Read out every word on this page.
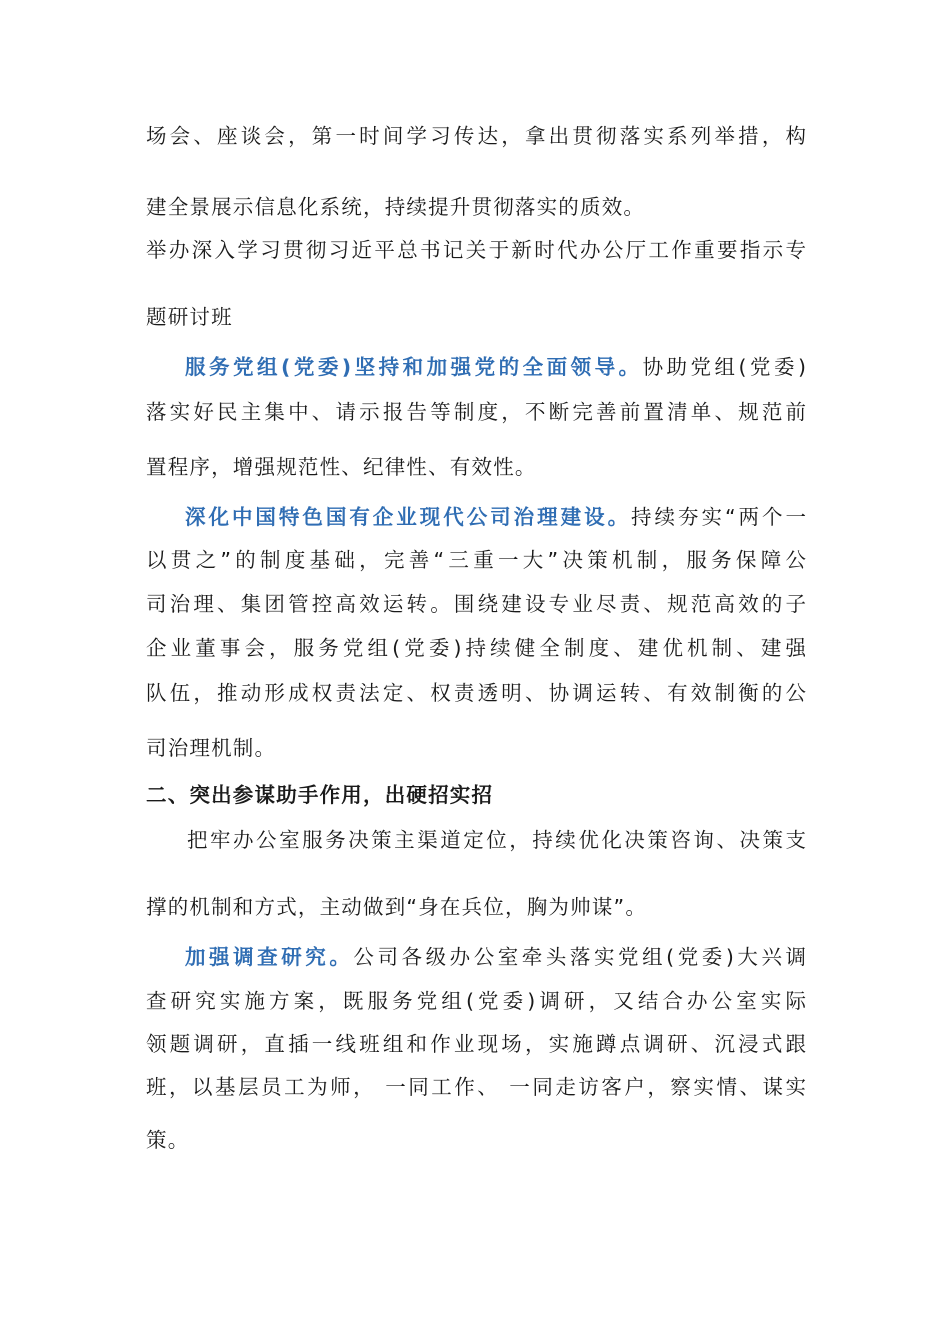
场会、座谈会，第一时间学习传达，拿出贯彻落实系列举措，构
建全景展示信息化系统，持续提升贯彻落实的质效。
举办深入学习贯彻习近平总书记关于新时代办公厅工作重要指示专
题研讨班
服务党组(党委)坚持和加强党的全面领导。协助党组(党委)
落实好民主集中、请示报告等制度，不断完善前置清单、规范前
置程序，增强规范性、纪律性、有效性。
深化中国特色国有企业现代公司治理建设。持续夯实“两个一
以贯之”的制度基础，完善“三重一大”决策机制，服务保障公
司治理、集团管控高效运转。围绕建设专业尽责、规范高效的子
企业董事会，服务党组(党委)持续健全制度、建优机制、建强
队伍，推动形成权责法定、权责透明、协调运转、有效制衡的公
司治理机制。
二、突出参谋助手作用，出硬招实招
把牢办公室服务决策主渠道定位，持续优化决策咨询、决策支
撑的机制和方式，主动做到“身在兵位，胸为帅谋”。
加强调查研究。公司各级办公室牵头落实党组(党委)大兴调
查研究实施方案，既服务党组(党委)调研，又结合办公室实际
领题调研，直插一线班组和作业现场，实施蹲点调研、沉浸式跟
班，以基层员工为师， 一同工作、 一同走访客户，察实情、谋实
策。
